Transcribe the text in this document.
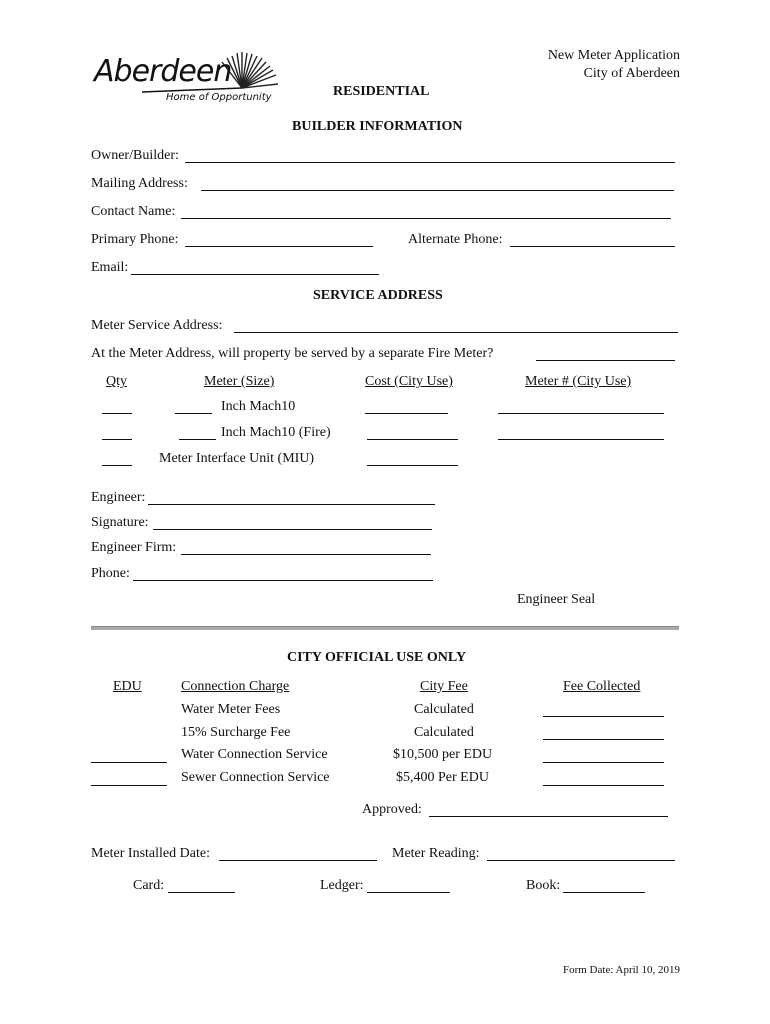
Aberdeen
Home of Opportunity
New Meter Application
City of Aberdeen
RESIDENTIAL
BUILDER INFORMATION
Owner/Builder:
Mailing Address:
Contact Name:
Primary Phone:	Alternate Phone:
Email:
SERVICE ADDRESS
Meter Service Address:
At the Meter Address, will property be served by a separate Fire Meter?
Qty	Meter (Size)	Cost (City Use)	Meter # (City Use)
Inch Mach10
Inch Mach10 (Fire)
Meter Interface Unit (MIU)
Engineer:
Signature:
Engineer Firm:
Phone:
Engineer Seal
CITY OFFICIAL USE ONLY
EDU	Connection Charge	City Fee	Fee Collected
Water Meter Fees	Calculated
15% Surcharge Fee	Calculated
Water Connection Service	$10,500 per EDU
Sewer Connection Service	$5,400 Per EDU
Approved:
Meter Installed Date:	Meter Reading:
Card:	Ledger:	Book:
Form Date: April 10, 2019
